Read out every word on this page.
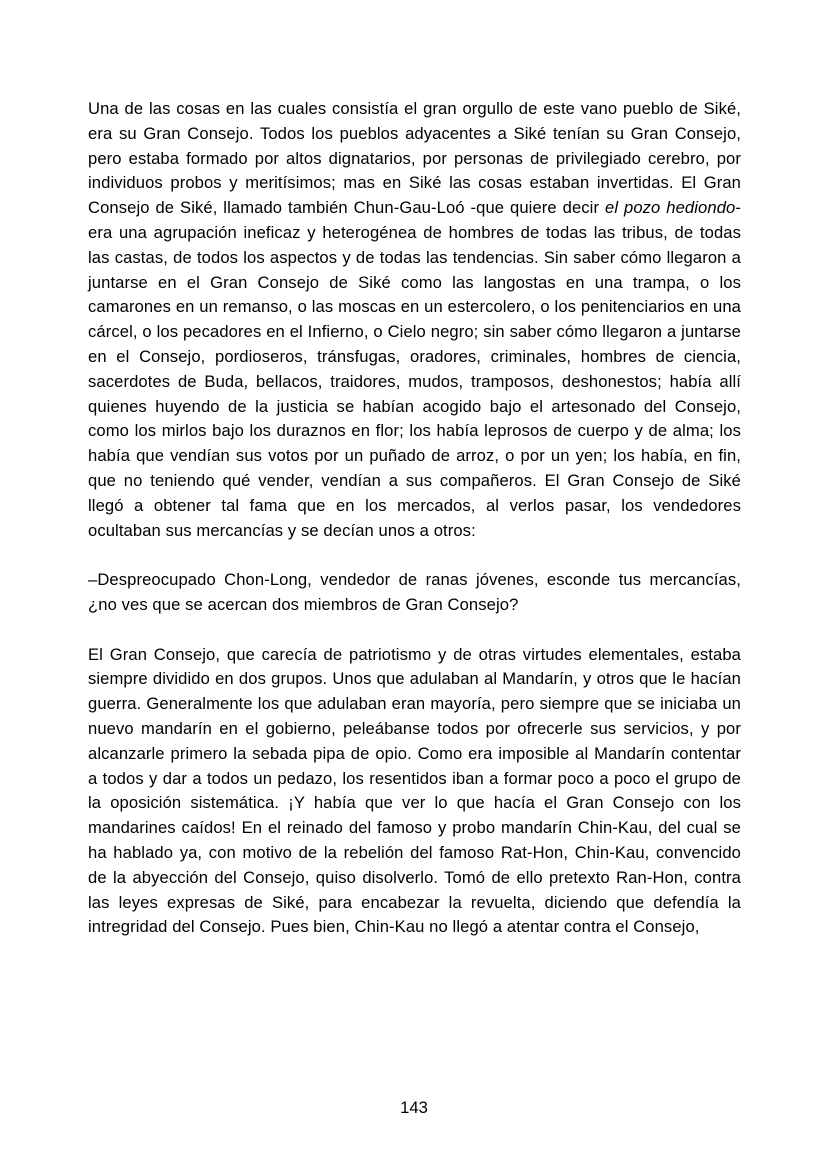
Una de las cosas en las cuales consistía el gran orgullo de este vano pueblo de Siké, era su Gran Consejo. Todos los pueblos adyacentes a Siké tenían su Gran Consejo, pero estaba formado por altos dignatarios, por personas de privilegiado cerebro, por individuos probos y meritísimos; mas en Siké las cosas estaban invertidas. El Gran Consejo de Siké, llamado también Chun-Gau-Loó -que quiere decir el pozo hediondo- era una agrupación ineficaz y heterogénea de hombres de todas las tribus, de todas las castas, de todos los aspectos y de todas las tendencias. Sin saber cómo llegaron a juntarse en el Gran Consejo de Siké como las langostas en una trampa, o los camarones en un remanso, o las moscas en un estercolero, o los penitenciarios en una cárcel, o los pecadores en el Infierno, o Cielo negro; sin saber cómo llegaron a juntarse en el Consejo, pordioseros, tránsfugas, oradores, criminales, hombres de ciencia, sacerdotes de Buda, bellacos, traidores, mudos, tramposos, deshonestos; había allí quienes huyendo de la justicia se habían acogido bajo el artesonado del Consejo, como los mirlos bajo los duraznos en flor; los había leprosos de cuerpo y de alma; los había que vendían sus votos por un puñado de arroz, o por un yen; los había, en fin, que no teniendo qué vender, vendían a sus compañeros. El Gran Consejo de Siké llegó a obtener tal fama que en los mercados, al verlos pasar, los vendedores ocultaban sus mercancías y se decían unos a otros:

–Despreocupado Chon-Long, vendedor de ranas jóvenes, esconde tus mercancías, ¿no ves que se acercan dos miembros de Gran Consejo?

El Gran Consejo, que carecía de patriotismo y de otras virtudes elementales, estaba siempre dividido en dos grupos. Unos que adulaban al Mandarín, y otros que le hacían guerra. Generalmente los que adulaban eran mayoría, pero siempre que se iniciaba un nuevo mandarín en el gobierno, peleábanse todos por ofrecerle sus servicios, y por alcanzarle primero la sebada pipa de opio. Como era imposible al Mandarín contentar a todos y dar a todos un pedazo, los resentidos iban a formar poco a poco el grupo de la oposición sistemática. ¡Y había que ver lo que hacía el Gran Consejo con los mandarines caídos! En el reinado del famoso y probo mandarín Chin-Kau, del cual se ha hablado ya, con motivo de la rebelión del famoso Rat-Hon, Chin-Kau, convencido de la abyección del Consejo, quiso disolverlo. Tomó de ello pretexto Ran-Hon, contra las leyes expresas de Siké, para encabezar la revuelta, diciendo que defendía la intregridad del Consejo. Pues bien, Chin-Kau no llegó a atentar contra el Consejo,

143
